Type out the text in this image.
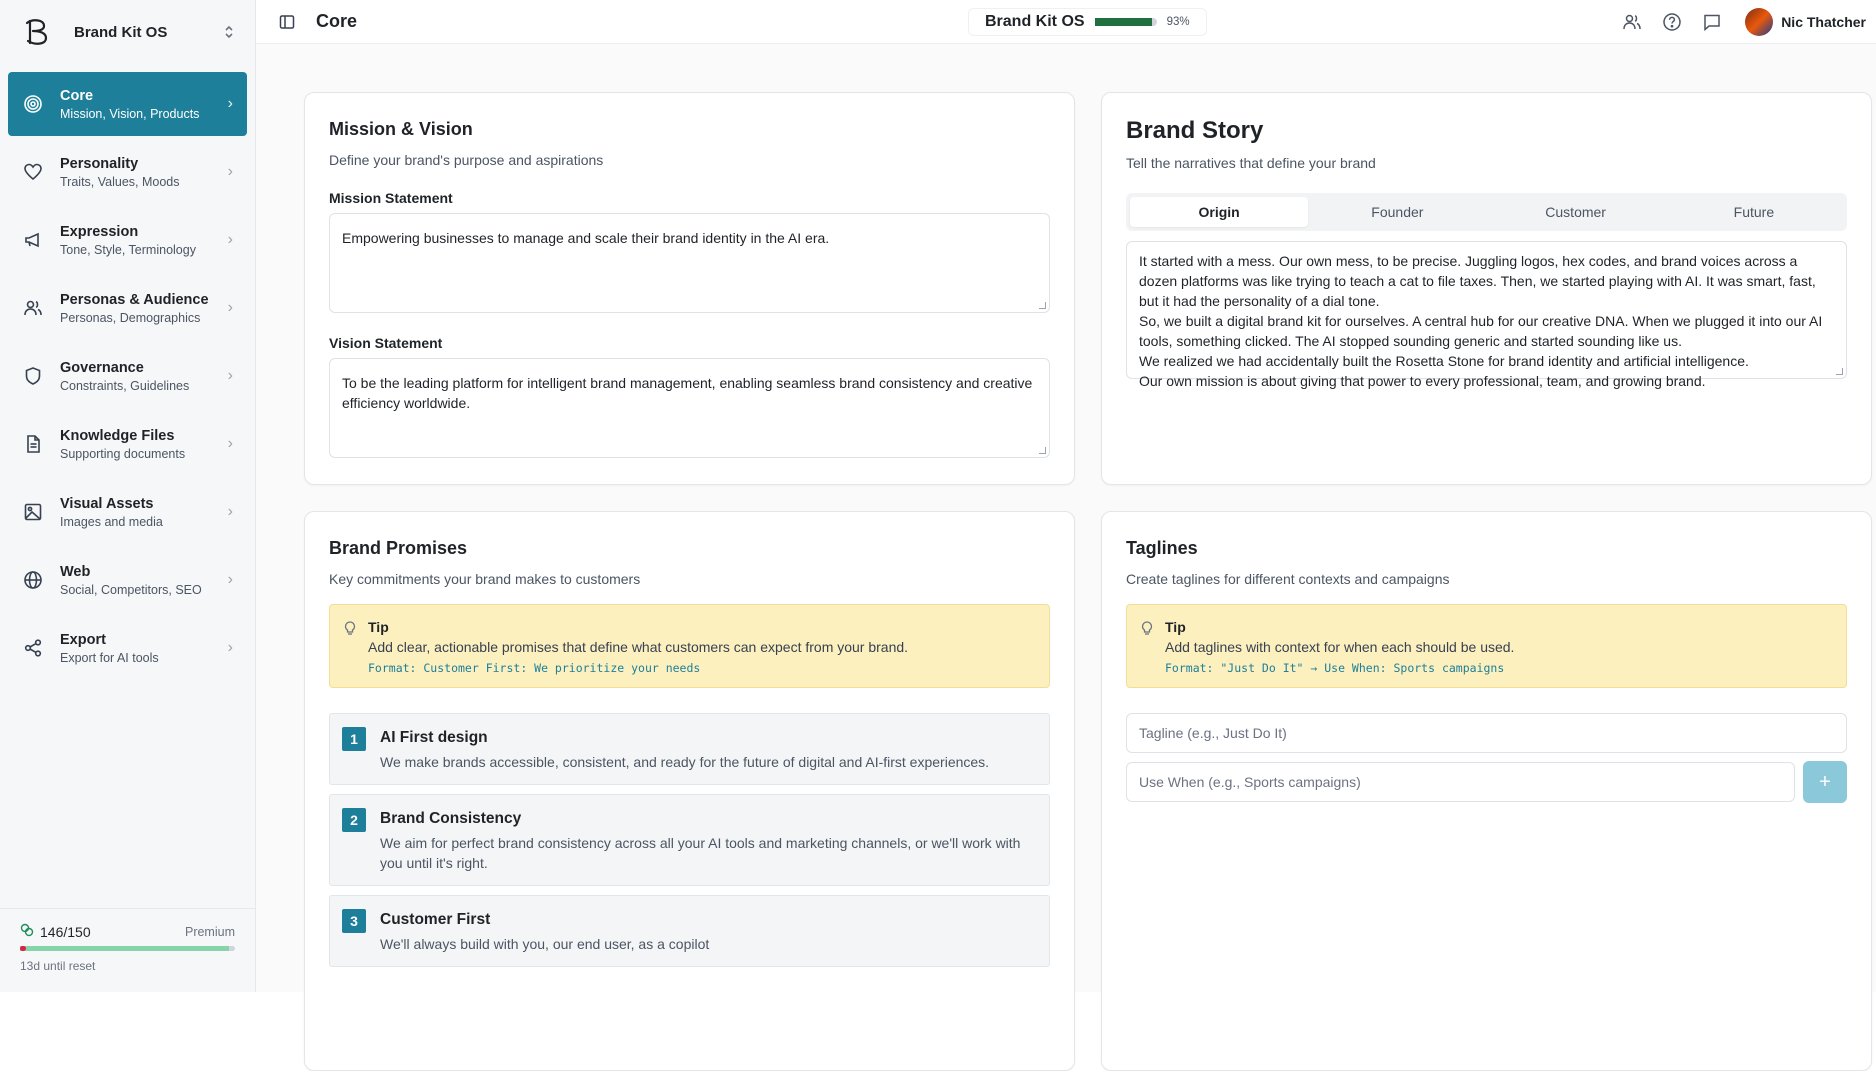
Brand Kit OS
Core
Mission, Vision, Products
›
Personality
Traits, Values, Moods
›
Expression
Tone, Style, Terminology
›
Personas & Audience
Personas, Demographics
›
Governance
Constraints, Guidelines
›
Knowledge Files
Supporting documents
›
Visual Assets
Images and media
›
Web
Social, Competitors, SEO
›
Export
Export for AI tools
›
146/150	Premium
13d until reset
Core	Brand Kit OS	93%	Nic Thatcher
Mission & Vision
Define your brand's purpose and aspirations
Mission Statement
Empowering businesses to manage and scale their brand identity in the AI era.
Vision Statement
To be the leading platform for intelligent brand management, enabling seamless brand consistency and creative efficiency worldwide.
Brand Story
Tell the narratives that define your brand
Origin	Founder	Customer	Future

It started with a mess. Our own mess, to be precise. Juggling logos, hex codes, and brand voices across a dozen platforms was like trying to teach a cat to file taxes. Then, we started playing with AI. It was smart, fast, but it had the personality of a dial tone.

So, we built a digital brand kit for ourselves. A central hub for our creative DNA. When we plugged it into our AI tools, something clicked. The AI stopped sounding generic and started sounding like us.

We realized we had accidentally built the Rosetta Stone for brand identity and artificial intelligence.

Our own mission is about giving that power to every professional, team, and growing brand.

Brand Promises
Key commitments your brand makes to customers
Tip
Add clear, actionable promises that define what customers can expect from your brand.
Format: Customer First: We prioritize your needs
1	AI First design
We make brands accessible, consistent, and ready for the future of digital and AI-first experiences.
2	Brand Consistency
We aim for perfect brand consistency across all your AI tools and marketing channels, or we'll work with you until it's right.
3	Customer First
We'll always build with you, our end user, as a copilot
Taglines
Create taglines for different contexts and campaigns
Tip
Add taglines with context for when each should be used.
Format: "Just Do It" → Use When: Sports campaigns
Tagline (e.g., Just Do It)
Use When (e.g., Sports campaigns)	+
